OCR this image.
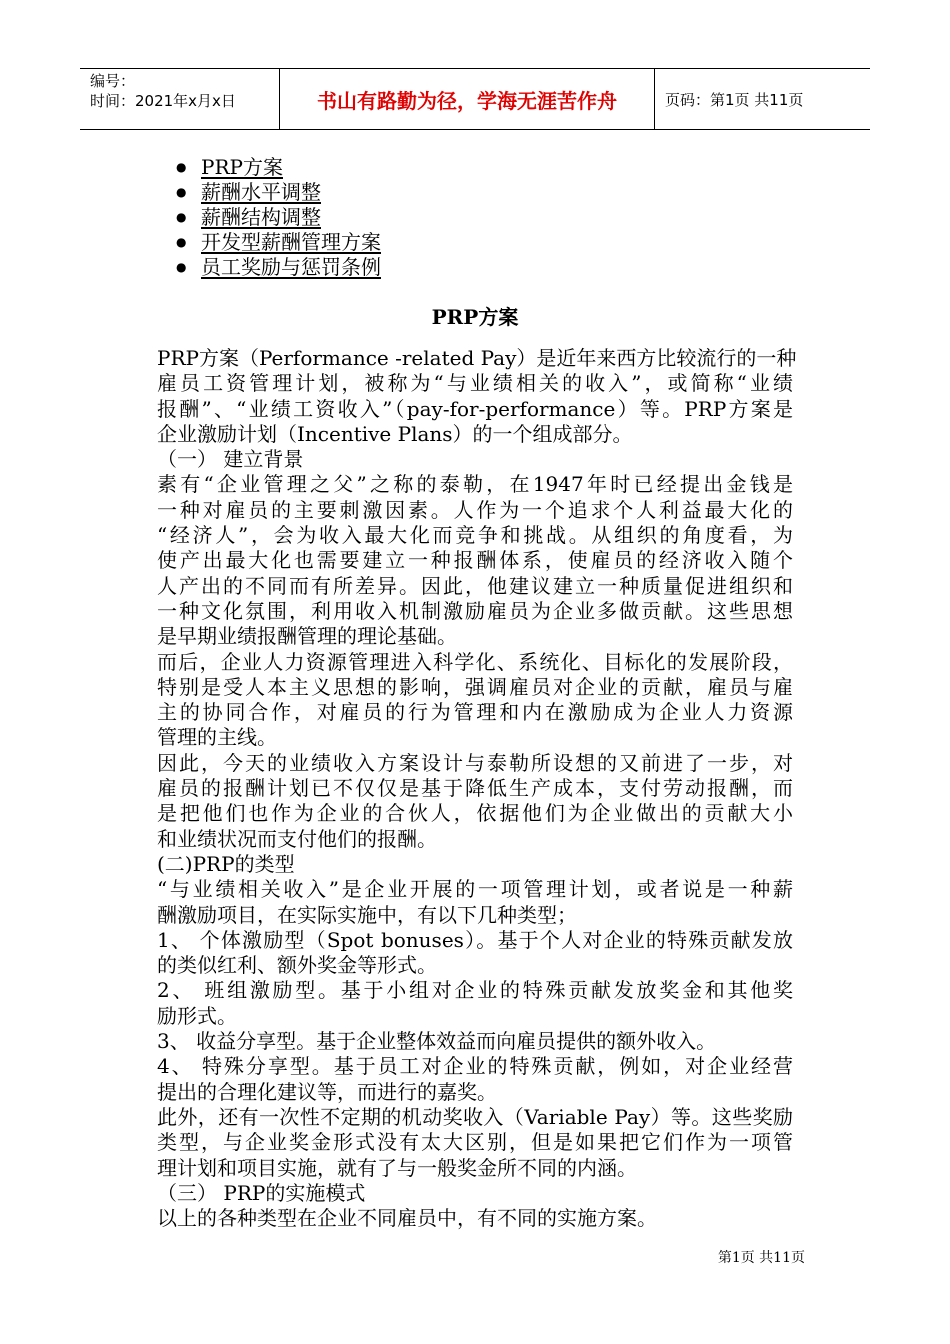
编号：
时间：2021年x月x日	书山有路勤为径，学海无涯苦作舟	页码：第1页 共11页
● PRP方案
● 薪酬水平调整
● 薪酬结构调整
● 开发型薪酬管理方案
● 员工奖励与惩罚条例
PRP方案
PRP方案（Performance -related Pay）是近年来西方比较流行的一种
雇员工资管理计划，被称为“与业绩相关的收入”，或简称“业绩
报酬”、“业绩工资收入”（pay-for-performance）等。PRP方案是
企业激励计划（Incentive Plans）的一个组成部分。
（一） 建立背景
素有“企业管理之父”之称的泰勒，在1947年时已经提出金钱是
一种对雇员的主要刺激因素。人作为一个追求个人利益最大化的
“经济人”，会为收入最大化而竞争和挑战。从组织的角度看，为
使产出最大化也需要建立一种报酬体系，使雇员的经济收入随个
人产出的不同而有所差异。因此，他建议建立一种质量促进组织和
一种文化氛围，利用收入机制激励雇员为企业多做贡献。这些思想
是早期业绩报酬管理的理论基础。
而后，企业人力资源管理进入科学化、系统化、目标化的发展阶段，
特别是受人本主义思想的影响，强调雇员对企业的贡献，雇员与雇
主的协同合作，对雇员的行为管理和内在激励成为企业人力资源
管理的主线。
因此，今天的业绩收入方案设计与泰勒所设想的又前进了一步，对
雇员的报酬计划已不仅仅是基于降低生产成本，支付劳动报酬，而
是把他们也作为企业的合伙人，依据他们为企业做出的贡献大小
和业绩状况而支付他们的报酬。
(二)PRP的类型
“与业绩相关收入”是企业开展的一项管理计划，或者说是一种薪
酬激励项目，在实际实施中，有以下几种类型；
1、 个体激励型（Spot bonuses）。基于个人对企业的特殊贡献发放
的类似红利、额外奖金等形式。
2、 班组激励型。基于小组对企业的特殊贡献发放奖金和其他奖
励形式。
3、 收益分享型。基于企业整体效益而向雇员提供的额外收入。
4、 特殊分享型。基于员工对企业的特殊贡献，例如，对企业经营
提出的合理化建议等，而进行的嘉奖。
此外，还有一次性不定期的机动奖收入（Variable Pay）等。这些奖励
类型，与企业奖金形式没有太大区别，但是如果把它们作为一项管
理计划和项目实施，就有了与一般奖金所不同的内涵。
（三） PRP的实施模式
以上的各种类型在企业不同雇员中，有不同的实施方案。
第1页 共11页
